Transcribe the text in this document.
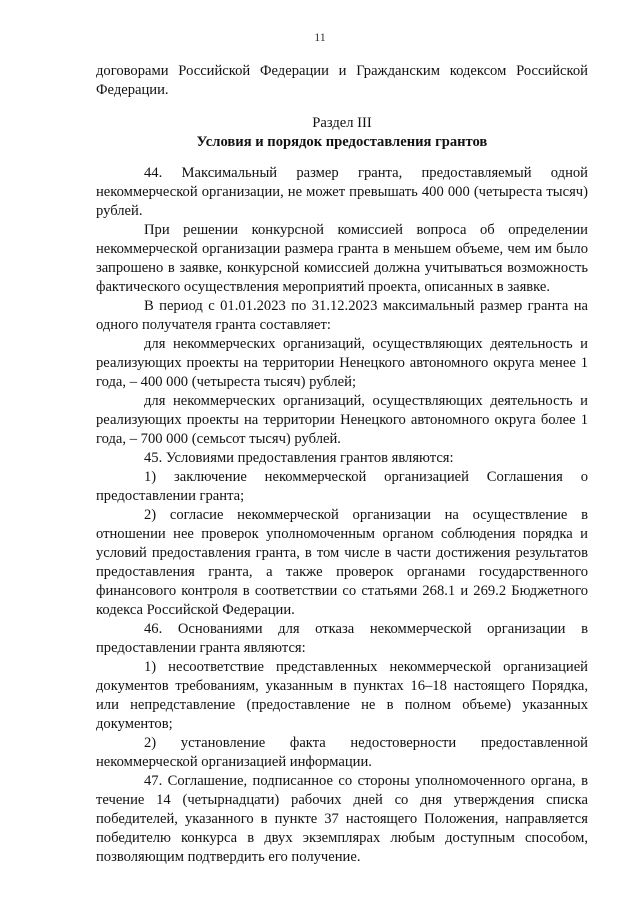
11

договорами Российской Федерации и Гражданским кодексом Российской Федерации.

Раздел III

Условия и порядок предоставления грантов

44. Максимальный размер гранта, предоставляемый одной некоммерческой организации, не может превышать 400 000 (четыреста тысяч) рублей.

При решении конкурсной комиссией вопроса об определении некоммерческой организации размера гранта в меньшем объеме, чем им было запрошено в заявке, конкурсной комиссией должна учитываться возможность фактического осуществления мероприятий проекта, описанных в заявке.

В период с 01.01.2023 по 31.12.2023 максимальный размер гранта на одного получателя гранта составляет:

для некоммерческих организаций, осуществляющих деятельность и реализующих проекты на территории Ненецкого автономного округа менее 1 года, – 400 000 (четыреста тысяч) рублей;

для некоммерческих организаций, осуществляющих деятельность и реализующих проекты на территории Ненецкого автономного округа более 1 года, – 700 000 (семьсот тысяч) рублей.

45. Условиями предоставления грантов являются:

1) заключение некоммерческой организацией Соглашения о предоставлении гранта;

2) согласие некоммерческой организации на осуществление в отношении нее проверок уполномоченным органом соблюдения порядка и условий предоставления гранта, в том числе в части достижения результатов предоставления гранта, а также проверок органами государственного финансового контроля в соответствии со статьями 268.1 и 269.2 Бюджетного кодекса Российской Федерации.

46. Основаниями для отказа некоммерческой организации в предоставлении гранта являются:

1) несоответствие представленных некоммерческой организацией документов требованиям, указанным в пунктах 16–18 настоящего Порядка, или непредставление (предоставление не в полном объеме) указанных документов;

2) установление факта недостоверности предоставленной некоммерческой организацией информации.

47. Соглашение, подписанное со стороны уполномоченного органа, в течение 14 (четырнадцати) рабочих дней со дня утверждения списка победителей, указанного в пункте 37 настоящего Положения, направляется победителю конкурса в двух экземплярах любым доступным способом, позволяющим подтвердить его получение.
